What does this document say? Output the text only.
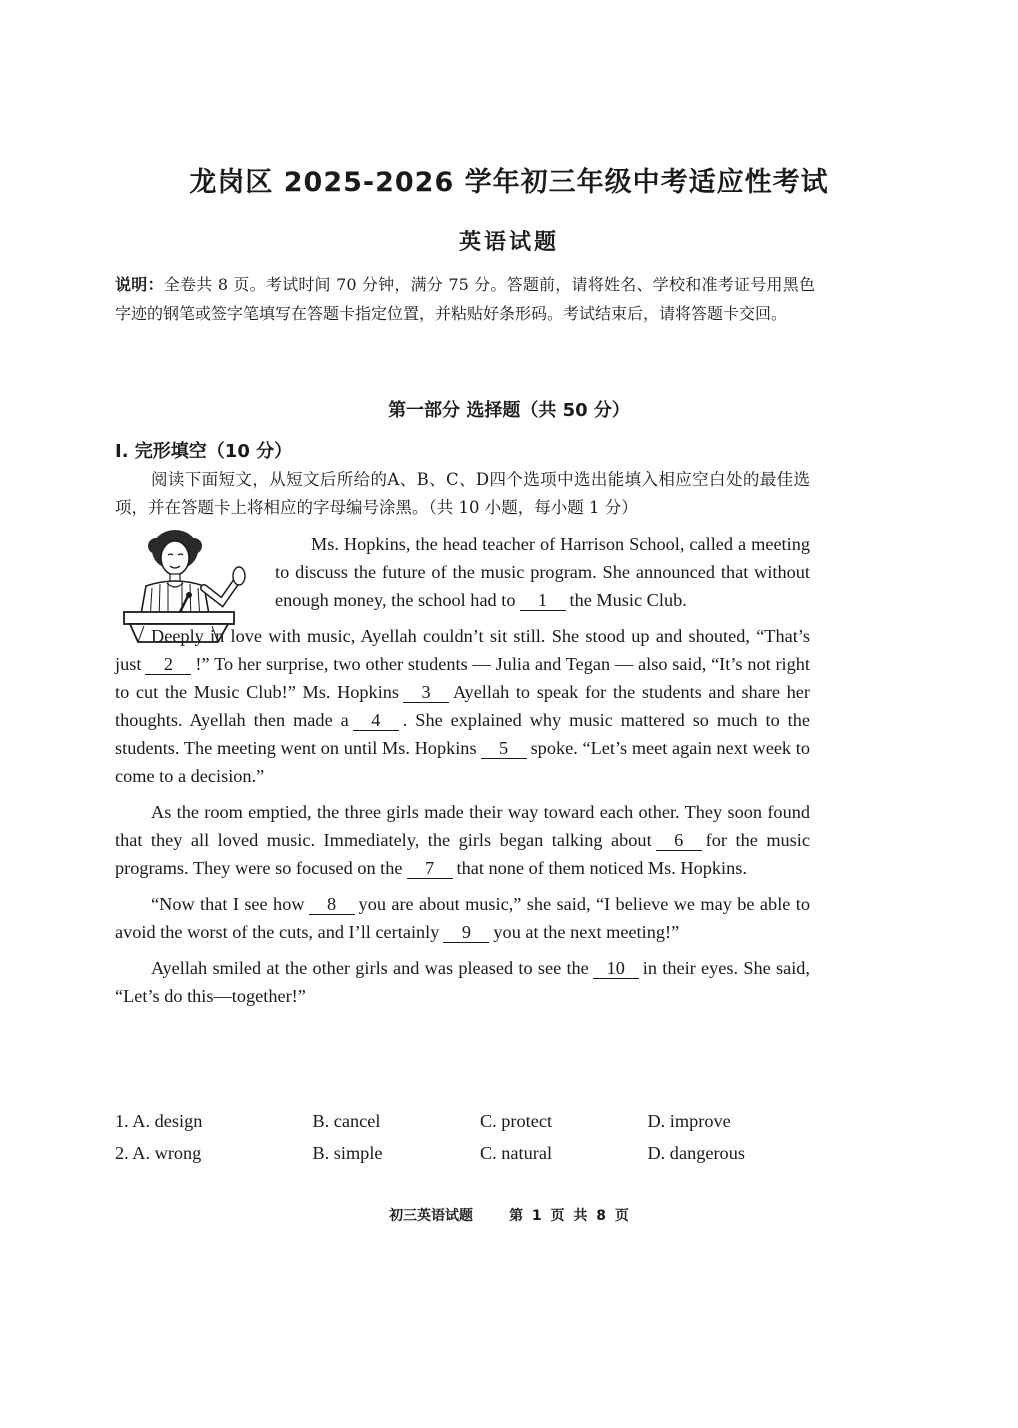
龙岗区 2025-2026 学年初三年级中考适应性考试
英语试题
说明：全卷共 8 页。考试时间 70 分钟，满分 75 分。答题前，请将姓名、学校和准考证号用黑色字迹的钢笔或签字笔填写在答题卡指定位置，并粘贴好条形码。考试结束后，请将答题卡交回。
第一部分 选择题（共 50 分）
I. 完形填空（10 分）
阅读下面短文，从短文后所给的A、B、C、D四个选项中选出能填入相应空白处的最佳选项，并在答题卡上将相应的字母编号涂黑。（共 10 小题，每小题 1 分）

Ms. Hopkins, the head teacher of Harrison School, called a meeting to discuss the future of the music program. She announced that without enough money, the school had to 1 the Music Club.

Deeply in love with music, Ayellah couldn’t sit still. She stood up and shouted, “That’s just 2 !” To her surprise, two other students — Julia and Tegan — also said, “It’s not right to cut the Music Club!” Ms. Hopkins 3 Ayellah to speak for the students and share her thoughts. Ayellah then made a 4 . She explained why music mattered so much to the students. The meeting went on until Ms. Hopkins 5 spoke. “Let’s meet again next week to come to a decision.”

As the room emptied, the three girls made their way toward each other. They soon found that they all loved music. Immediately, the girls began talking about 6 for the music programs. They were so focused on the 7 that none of them noticed Ms. Hopkins.

“Now that I see how 8 you are about music,” she said, “I believe we may be able to avoid the worst of the cuts, and I’ll certainly 9 you at the next meeting!”

Ayellah smiled at the other girls and was pleased to see the 10 in their eyes. She said, “Let’s do this—together!”

1. A. design	B. cancel	C. protect	D. improve
2. A. wrong	B. simple	C. natural	D. dangerous
初三英语试题	第 1 页 共 8 页
